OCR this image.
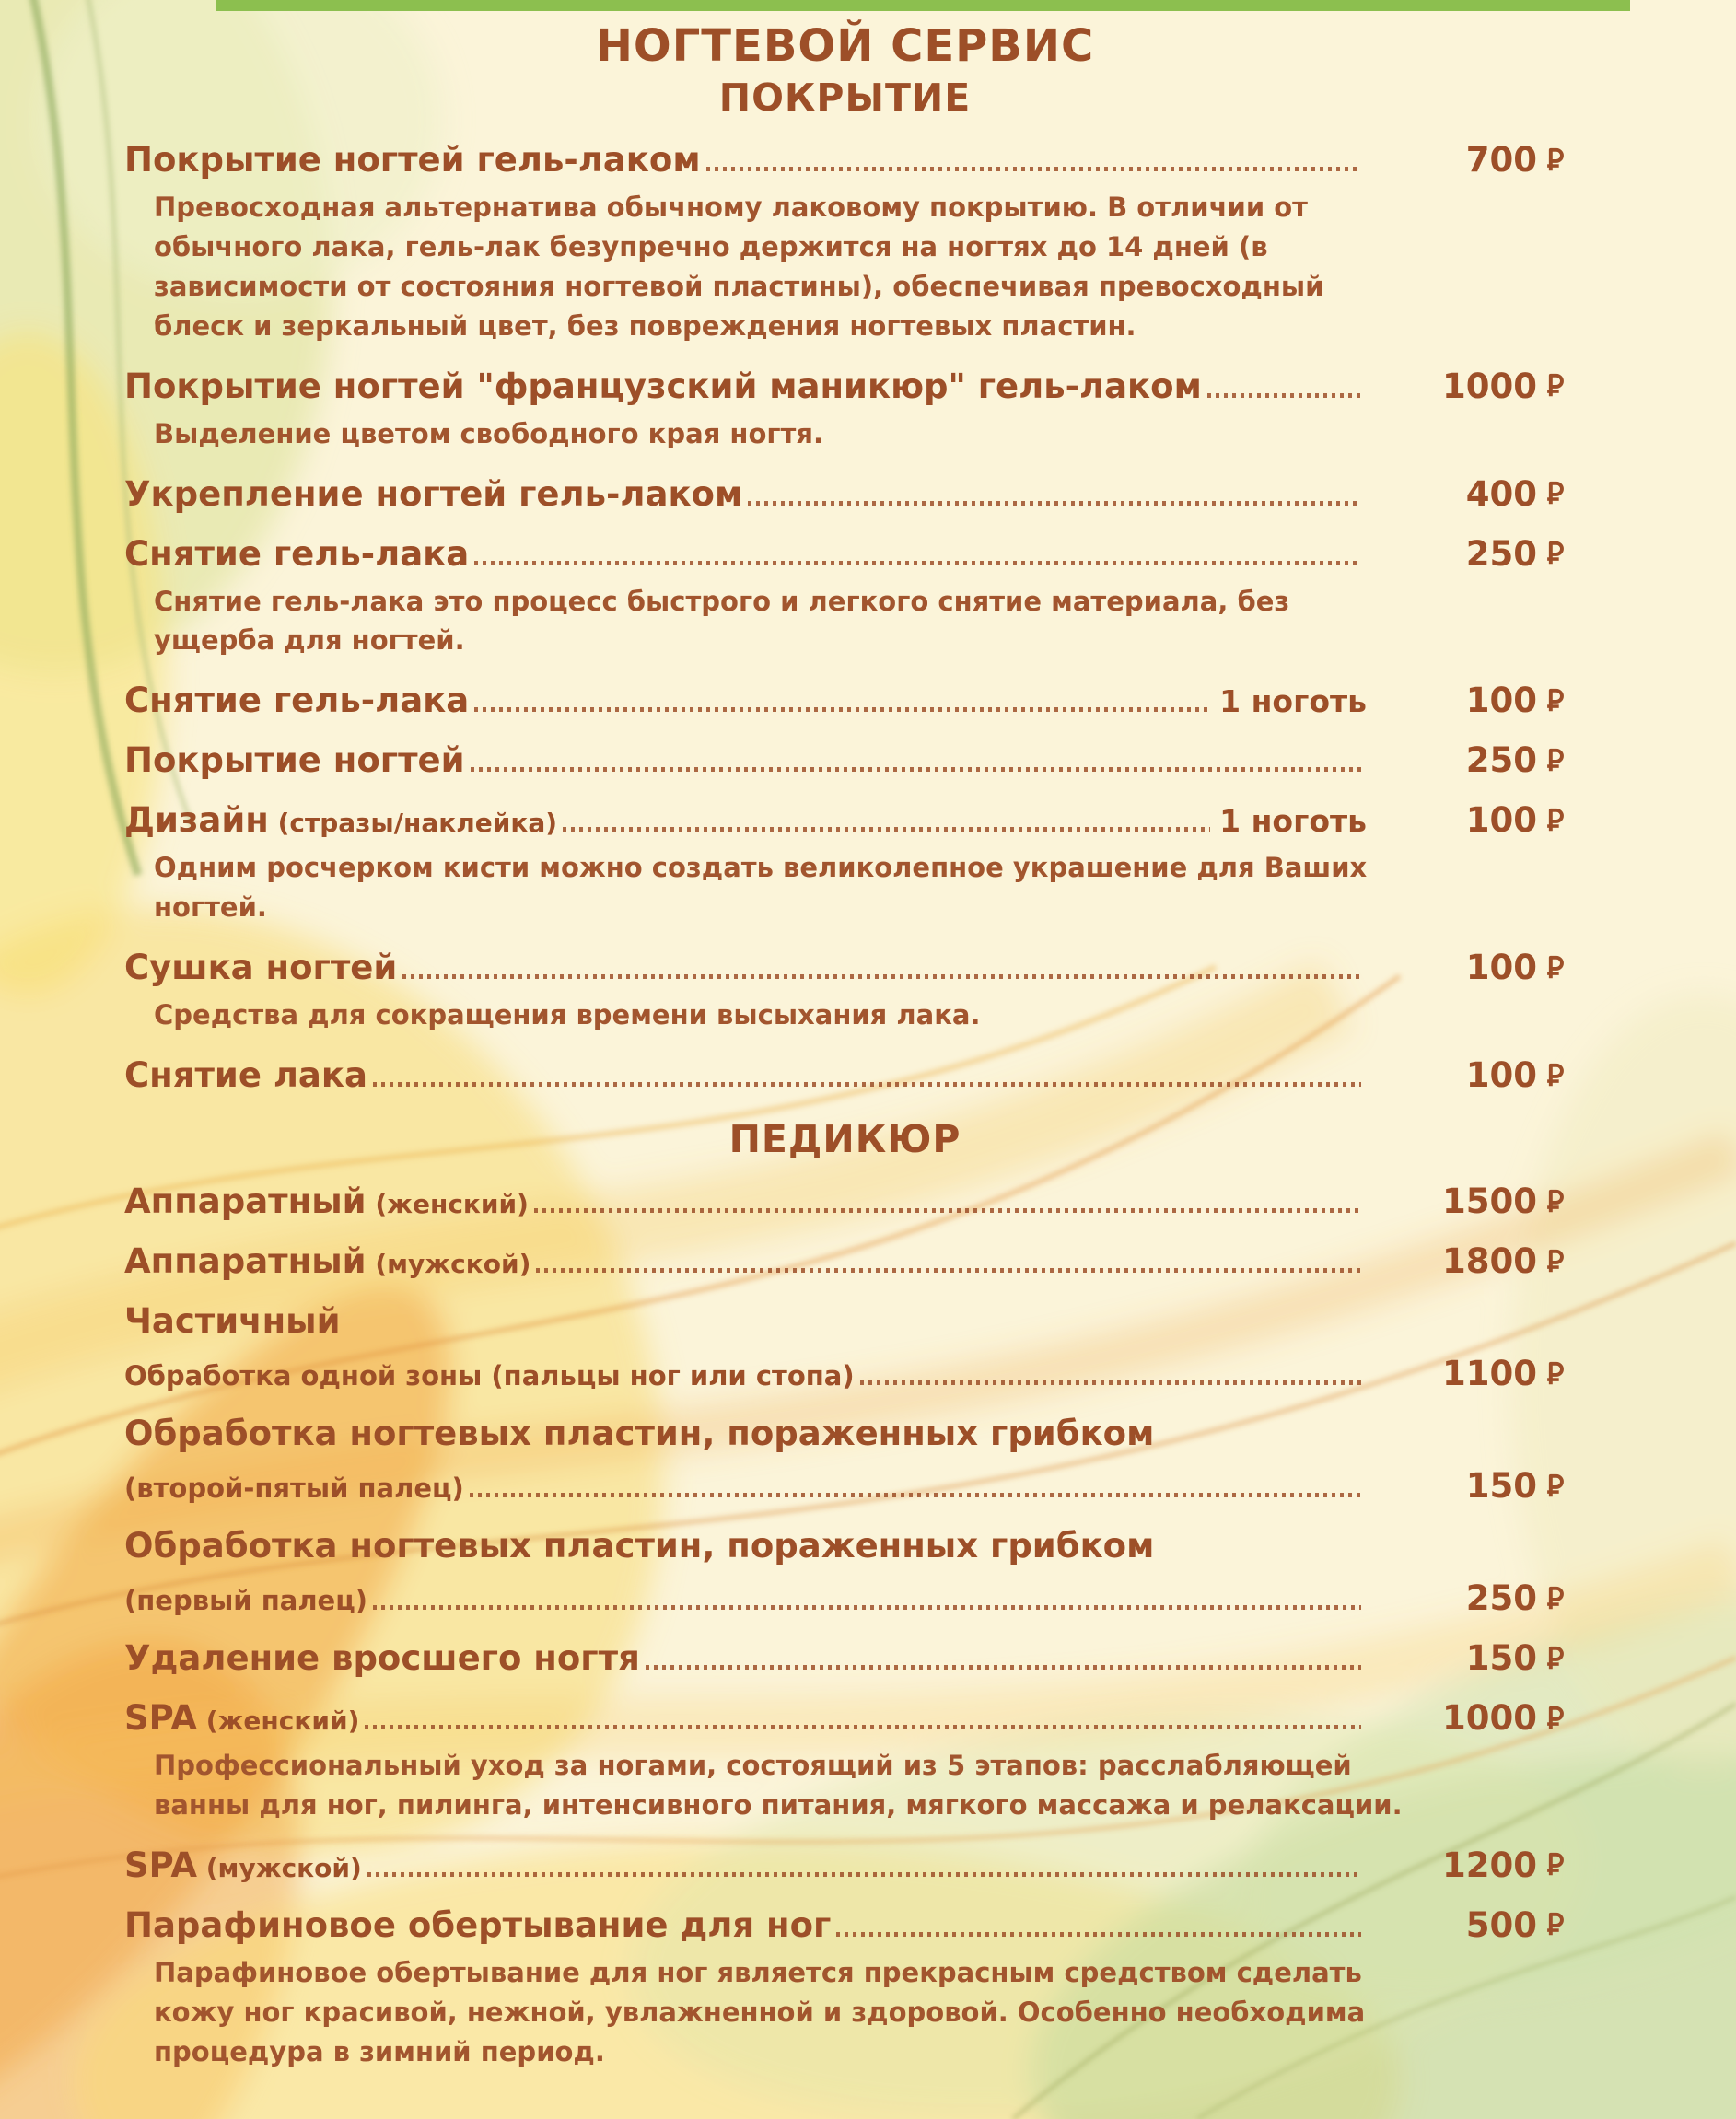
НОГТЕВОЙ СЕРВИС
ПОКРЫТИЕ
Покрытие ногтей гель-лаком	700
Превосходная альтернатива обычному лаковому покрытию. В отличии от обычного лака, гель-лак безупречно держится на ногтях до 14 дней (в зависимости от состояния ногтевой пластины), обеспечивая превосходный блеск и зеркальный цвет, без повреждения ногтевых пластин.
Покрытие ногтей "французский маникюр" гель-лаком	1000
Выделение цветом свободного края ногтя.
Укрепление ногтей гель-лаком	400
Снятие гель-лака	250
Снятие гель-лака это процесс быстрого и легкого снятие материала, без ущерба для ногтей.
Снятие гель-лака	1 ноготь	100
Покрытие ногтей	250
Дизайн (стразы/наклейка)	1 ноготь	100
Одним росчерком кисти можно создать великолепное украшение для Ваших ногтей.
Сушка ногтей	100
Средства для сокращения времени высыхания лака.
Снятие лака	100
ПЕДИКЮР
Аппаратный (женский)	1500
Аппаратный (мужской)	1800
Частичный
Обработка одной зоны (пальцы ног или стопа)	1100
Обработка ногтевых пластин, пораженных грибком
(второй-пятый палец)	150
Обработка ногтевых пластин, пораженных грибком
(первый палец)	250
Удаление вросшего ногтя	150
SPA (женский)	1000
Профессиональный уход за ногами, состоящий из 5 этапов: расслабляющей ванны для ног, пилинга, интенсивного питания, мягкого массажа и релаксации.
SPA (мужской)	1200
Парафиновое обертывание для ног	500
Парафиновое обертывание для ног является прекрасным средством сделать кожу ног красивой, нежной, увлажненной и здоровой. Особенно необходима процедура в зимний период.
